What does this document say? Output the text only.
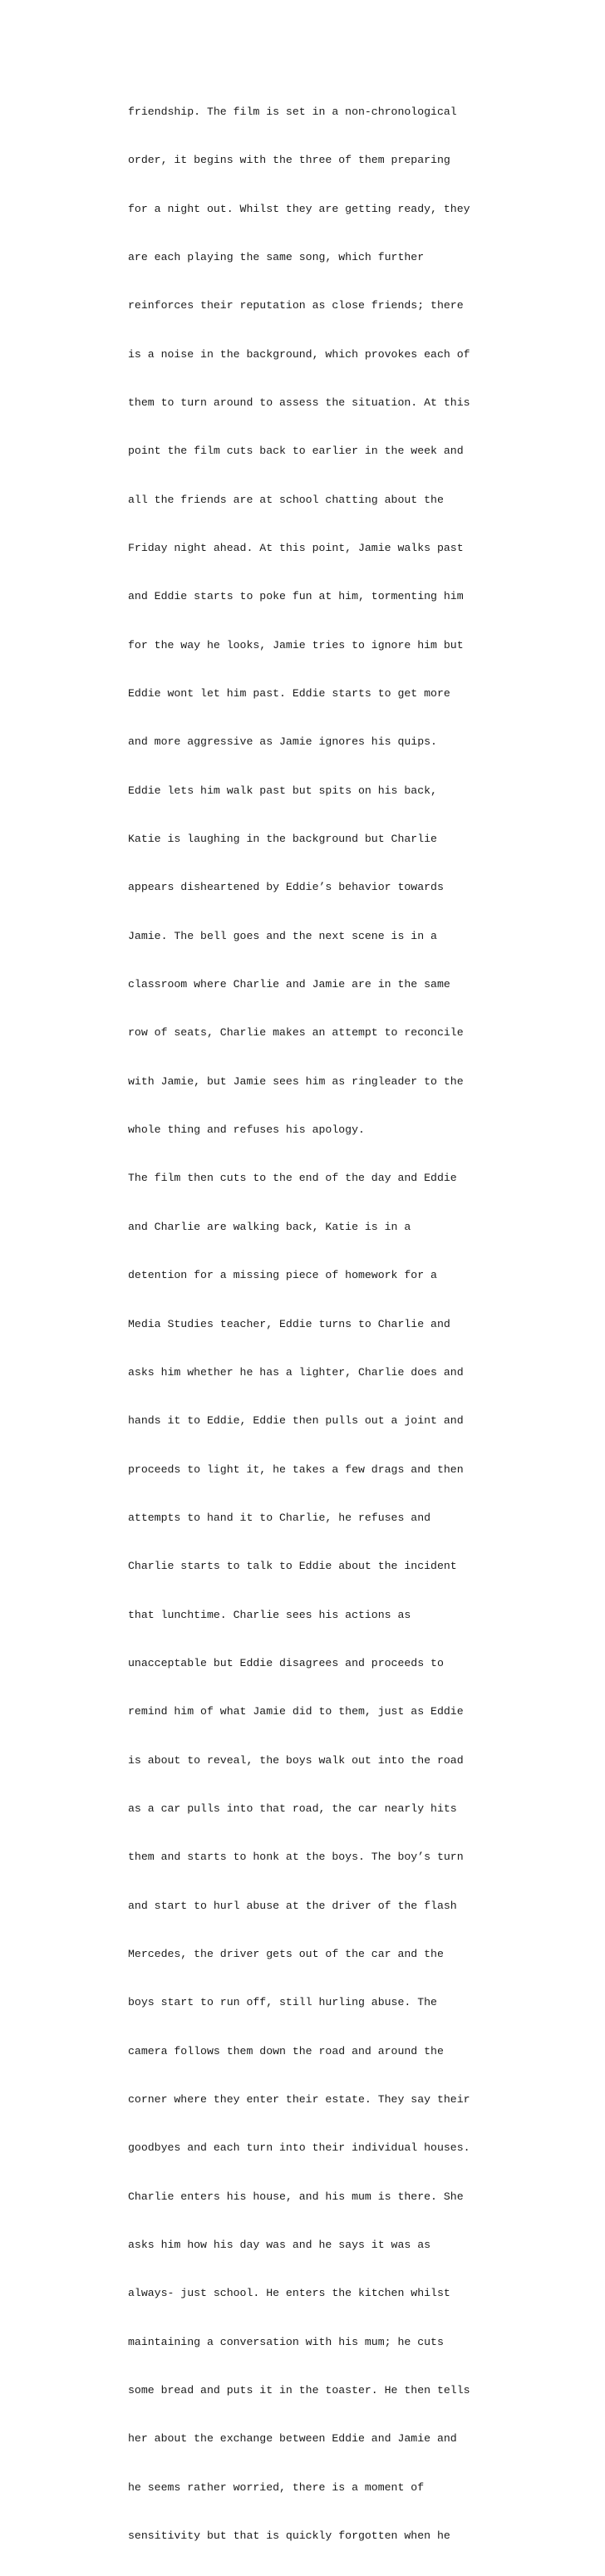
friendship. The film is set in a non-chronological

order, it begins with the three of them preparing

for a night out. Whilst they are getting ready, they

are each playing the same song, which further

reinforces their reputation as close friends; there

is a noise in the background, which provokes each of

them to turn around to assess the situation. At this

point the film cuts back to earlier in the week and

all the friends are at school chatting about the

Friday night ahead. At this point, Jamie walks past

and Eddie starts to poke fun at him, tormenting him

for the way he looks, Jamie tries to ignore him but

Eddie wont let him past. Eddie starts to get more

and more aggressive as Jamie ignores his quips.

Eddie lets him walk past but spits on his back,

Katie is laughing in the background but Charlie

appears disheartened by Eddie’s behavior towards

Jamie. The bell goes and the next scene is in a

classroom where Charlie and Jamie are in the same

row of seats, Charlie makes an attempt to reconcile

with Jamie, but Jamie sees him as ringleader to the

whole thing and refuses his apology.

The film then cuts to the end of the day and Eddie

and Charlie are walking back, Katie is in a

detention for a missing piece of homework for a

Media Studies teacher, Eddie turns to Charlie and

asks him whether he has a lighter, Charlie does and

hands it to Eddie, Eddie then pulls out a joint and

proceeds to light it, he takes a few drags and then

attempts to hand it to Charlie, he refuses and

Charlie starts to talk to Eddie about the incident

that lunchtime. Charlie sees his actions as

unacceptable but Eddie disagrees and proceeds to

remind him of what Jamie did to them, just as Eddie

is about to reveal, the boys walk out into the road

as a car pulls into that road, the car nearly hits

them and starts to honk at the boys. The boy’s turn

and start to hurl abuse at the driver of the flash

Mercedes, the driver gets out of the car and the

boys start to run off, still hurling abuse. The

camera follows them down the road and around the

corner where they enter their estate. They say their

goodbyes and each turn into their individual houses.

Charlie enters his house, and his mum is there. She

asks him how his day was and he says it was as

always- just school. He enters the kitchen whilst

maintaining a conversation with his mum; he cuts

some bread and puts it in the toaster. He then tells

her about the exchange between Eddie and Jamie and

he seems rather worried, there is a moment of

sensitivity but that is quickly forgotten when he
